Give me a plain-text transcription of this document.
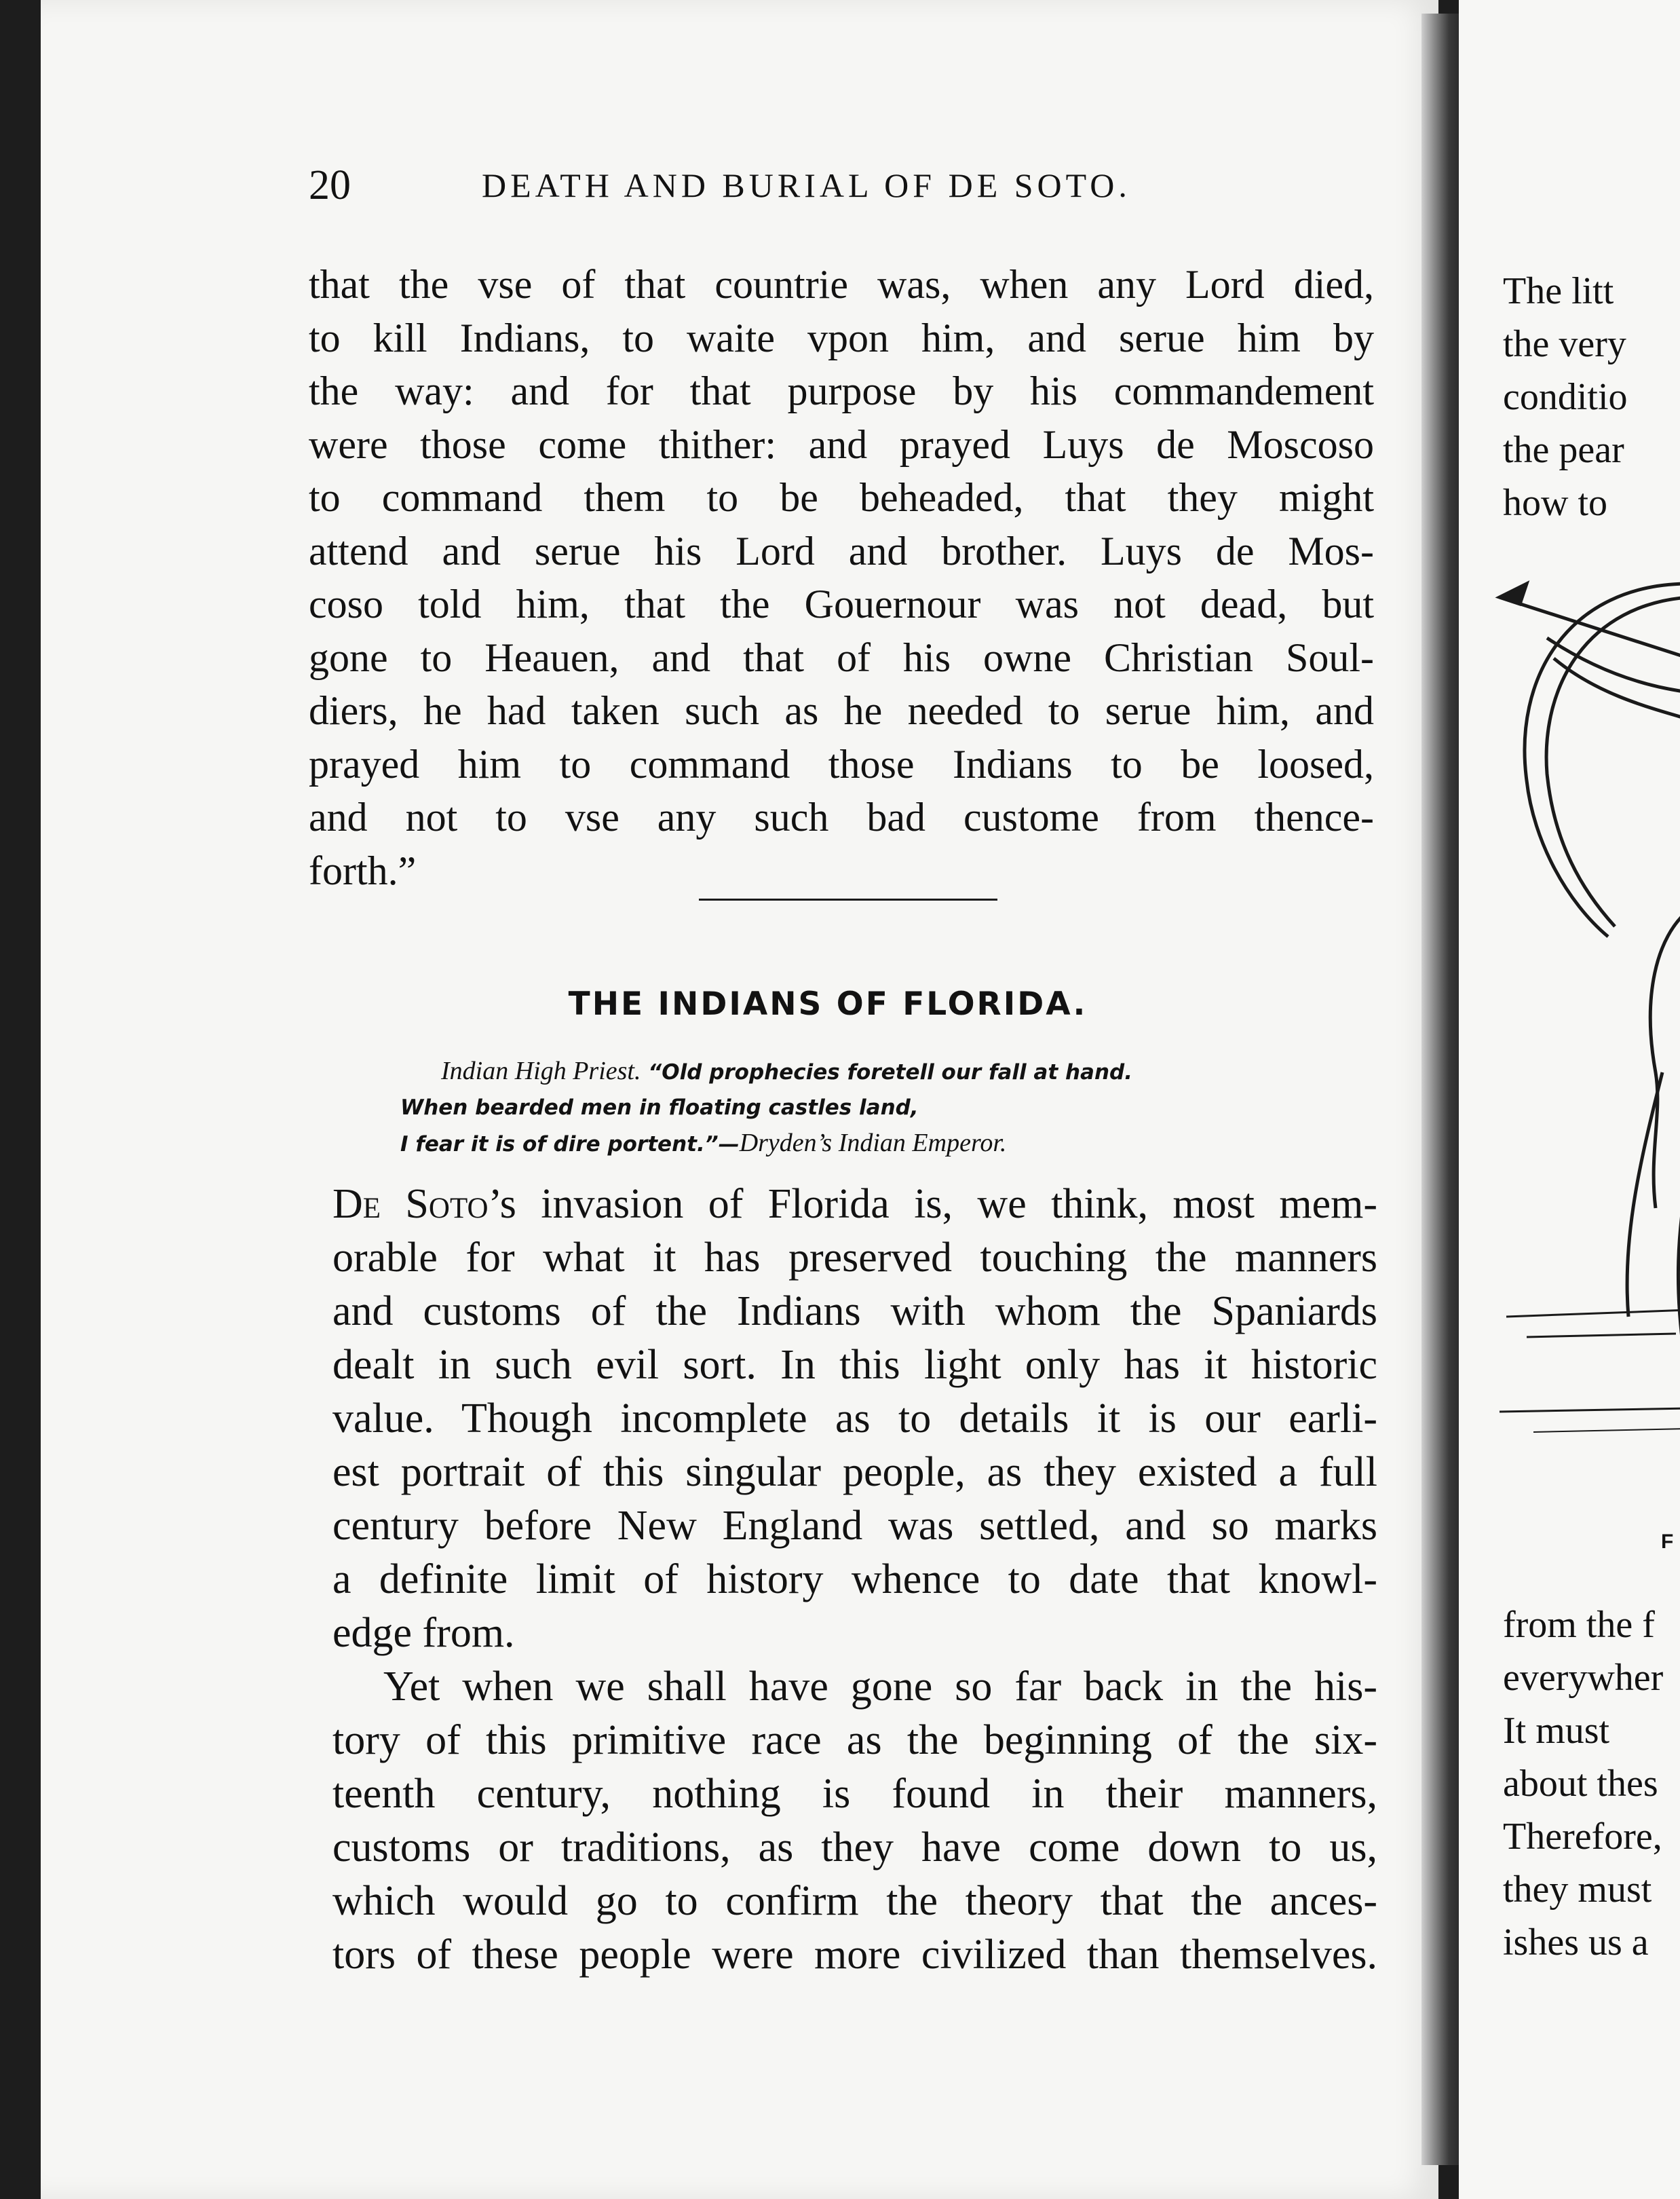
20	DEATH AND BURIAL OF DE SOTO.
that the vse of that countrie was, when any Lord died,
to kill Indians, to waite vpon him, and serue him by
the way: and for that purpose by his commandement
were those come thither: and prayed Luys de Moscoso
to command them to be beheaded, that they might
attend and serue his Lord and brother. Luys de Mos-
coso told him, that the Gouernour was not dead, but
gone to Heauen, and that of his owne Christian Soul-
diers, he had taken such as he needed to serue him, and
prayed him to command those Indians to be loosed,
and not to vse any such bad custome from thence-
forth.”
THE INDIANS OF FLORIDA.
Indian High Priest. “Old prophecies foretell our fall at hand.
When bearded men in floating castles land,
I fear it is of dire portent.”—Dryden’s Indian Emperor.
De Soto’s invasion of Florida is, we think, most mem-
orable for what it has preserved touching the manners
and customs of the Indians with whom the Spaniards
dealt in such evil sort. In this light only has it historic
value. Though incomplete as to details it is our earli-
est portrait of this singular people, as they existed a full
century before New England was settled, and so marks
a definite limit of history whence to date that knowl-
edge from.
Yet when we shall have gone so far back in the his-
tory of this primitive race as the beginning of the six-
teenth century, nothing is found in their manners,
customs or traditions, as they have come down to us,
which would go to confirm the theory that the ances-
tors of these people were more civilized than themselves.
The litt
the very
conditio
the pear
how to
F
from the f
everywher
It must
about thes
Therefore,
they must
ishes us a
